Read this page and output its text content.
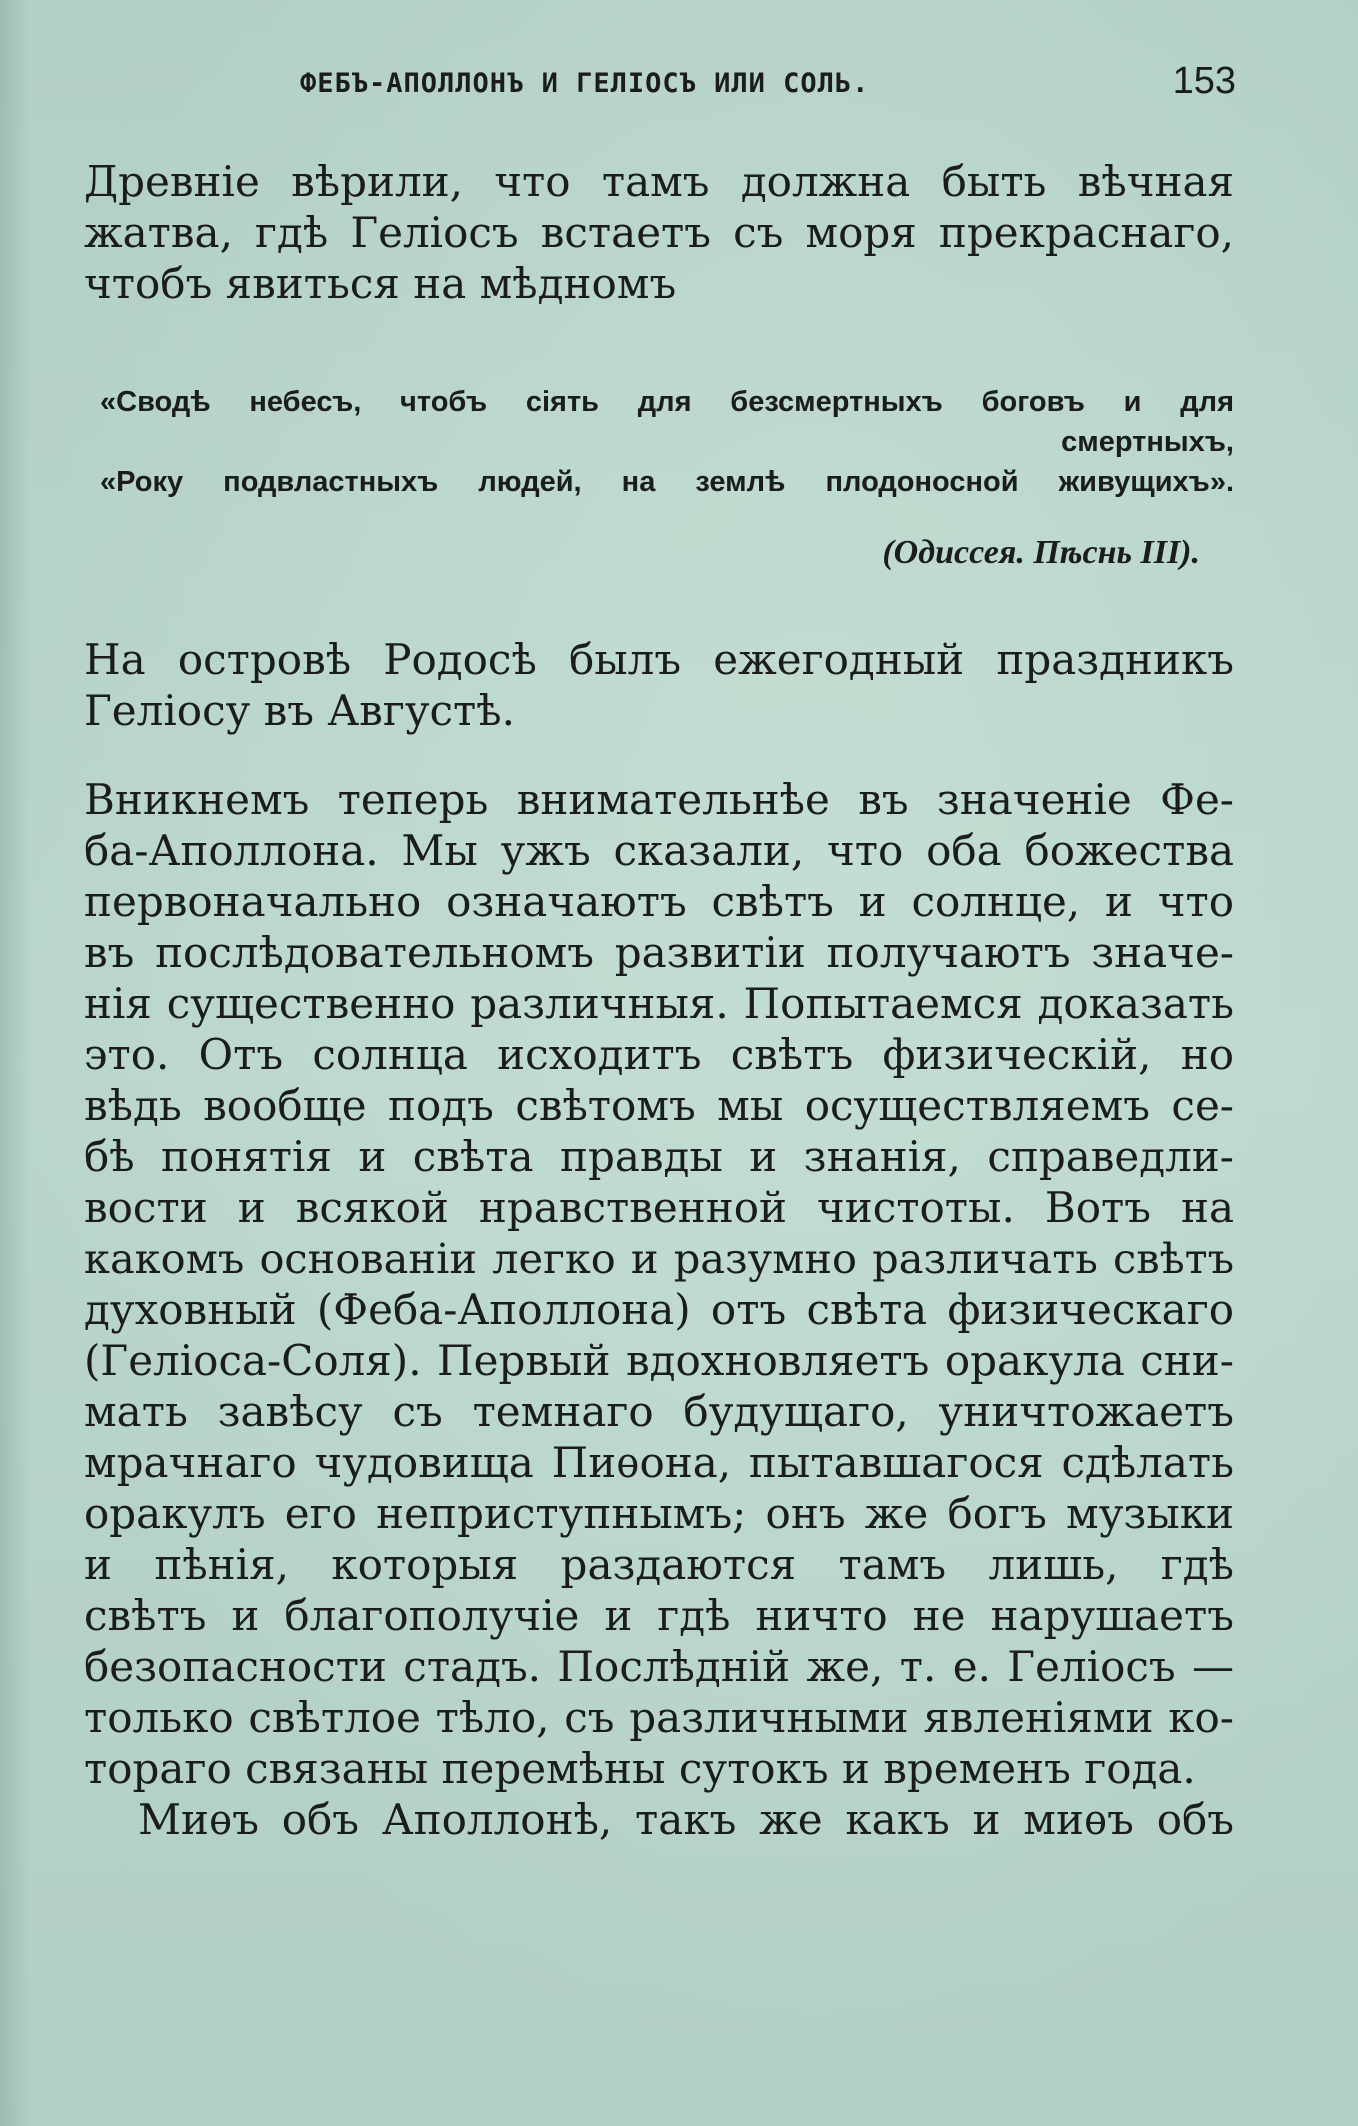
ФЕБЪ-АПОЛЛОНЪ И ГЕЛІОСЪ ИЛИ СОЛЬ.	153
Древніе вѣрили, что тамъ должна быть вѣчная
жатва, гдѣ Геліосъ встаетъ съ моря прекраснаго,
чтобъ явиться на мѣдномъ
«Сводѣ небесъ, чтобъ сіять для безсмертныхъ боговъ и для
смертныхъ,
«Року подвластныхъ людей, на землѣ плодоносной живущихъ».
(Одиссея. Пѣснь III).
На островѣ Родосѣ былъ ежегодный праздникъ
Геліосу въ Августѣ.
Вникнемъ теперь внимательнѣе въ значеніе Фе-
ба-Аполлона. Мы ужъ сказали, что оба божества
первоначально означаютъ свѣтъ и солнце, и что
въ послѣдовательномъ развитіи получаютъ значе-
нія существенно различныя. Попытаемся доказать
это. Отъ солнца исходитъ свѣтъ физическій, но
вѣдь вообще подъ свѣтомъ мы осуществляемъ се-
бѣ понятія и свѣта правды и знанія, справедли-
вости и всякой нравственной чистоты. Вотъ на
какомъ основаніи легко и разумно различать свѣтъ
духовный (Феба-Аполлона) отъ свѣта физическаго
(Геліоса-Соля). Первый вдохновляетъ оракула сни-
мать завѣсу съ темнаго будущаго, уничтожаетъ
мрачнаго чудовища Пиѳона, пытавшагося сдѣлать
оракулъ его неприступнымъ; онъ же богъ музыки
и пѣнія, которыя раздаются тамъ лишь, гдѣ
свѣтъ и благополучіе и гдѣ ничто не нарушаетъ
безопасности стадъ. Послѣдній же, т. е. Геліосъ —
только свѣтлое тѣло, съ различными явленіями ко-
тораго связаны перемѣны сутокъ и временъ года.
Миѳъ объ Аполлонѣ, такъ же какъ и миѳъ объ
